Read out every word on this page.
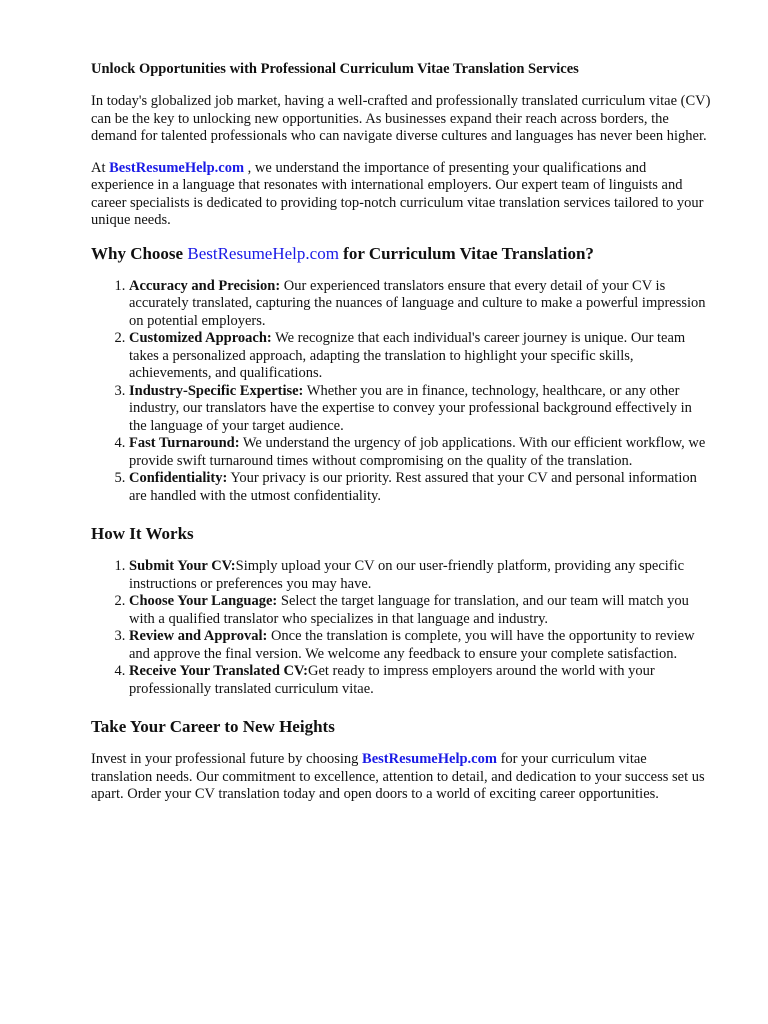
Unlock Opportunities with Professional Curriculum Vitae Translation Services

In today's globalized job market, having a well-crafted and professionally translated curriculum vitae (CV) can be the key to unlocking new opportunities. As businesses expand their reach across borders, the demand for talented professionals who can navigate diverse cultures and languages has never been higher.

At BestResumeHelp.com , we understand the importance of presenting your qualifications and experience in a language that resonates with international employers. Our expert team of linguists and career specialists is dedicated to providing top-notch curriculum vitae translation services tailored to your unique needs.

Why Choose BestResumeHelp.com for Curriculum Vitae Translation?
1. Accuracy and Precision: Our experienced translators ensure that every detail of your CV is accurately translated, capturing the nuances of language and culture to make a powerful impression on potential employers.
2. Customized Approach: We recognize that each individual's career journey is unique. Our team takes a personalized approach, adapting the translation to highlight your specific skills, achievements, and qualifications.
3. Industry-Specific Expertise: Whether you are in finance, technology, healthcare, or any other industry, our translators have the expertise to convey your professional background effectively in the language of your target audience.
4. Fast Turnaround: We understand the urgency of job applications. With our efficient workflow, we provide swift turnaround times without compromising on the quality of the translation.
5. Confidentiality: Your privacy is our priority. Rest assured that your CV and personal information are handled with the utmost confidentiality.
How It Works
1. Submit Your CV:Simply upload your CV on our user-friendly platform, providing any specific instructions or preferences you may have.
2. Choose Your Language: Select the target language for translation, and our team will match you with a qualified translator who specializes in that language and industry.
3. Review and Approval: Once the translation is complete, you will have the opportunity to review and approve the final version. We welcome any feedback to ensure your complete satisfaction.
4. Receive Your Translated CV:Get ready to impress employers around the world with your professionally translated curriculum vitae.
Take Your Career to New Heights

Invest in your professional future by choosing BestResumeHelp.com for your curriculum vitae translation needs. Our commitment to excellence, attention to detail, and dedication to your success set us apart. Order your CV translation today and open doors to a world of exciting career opportunities.
